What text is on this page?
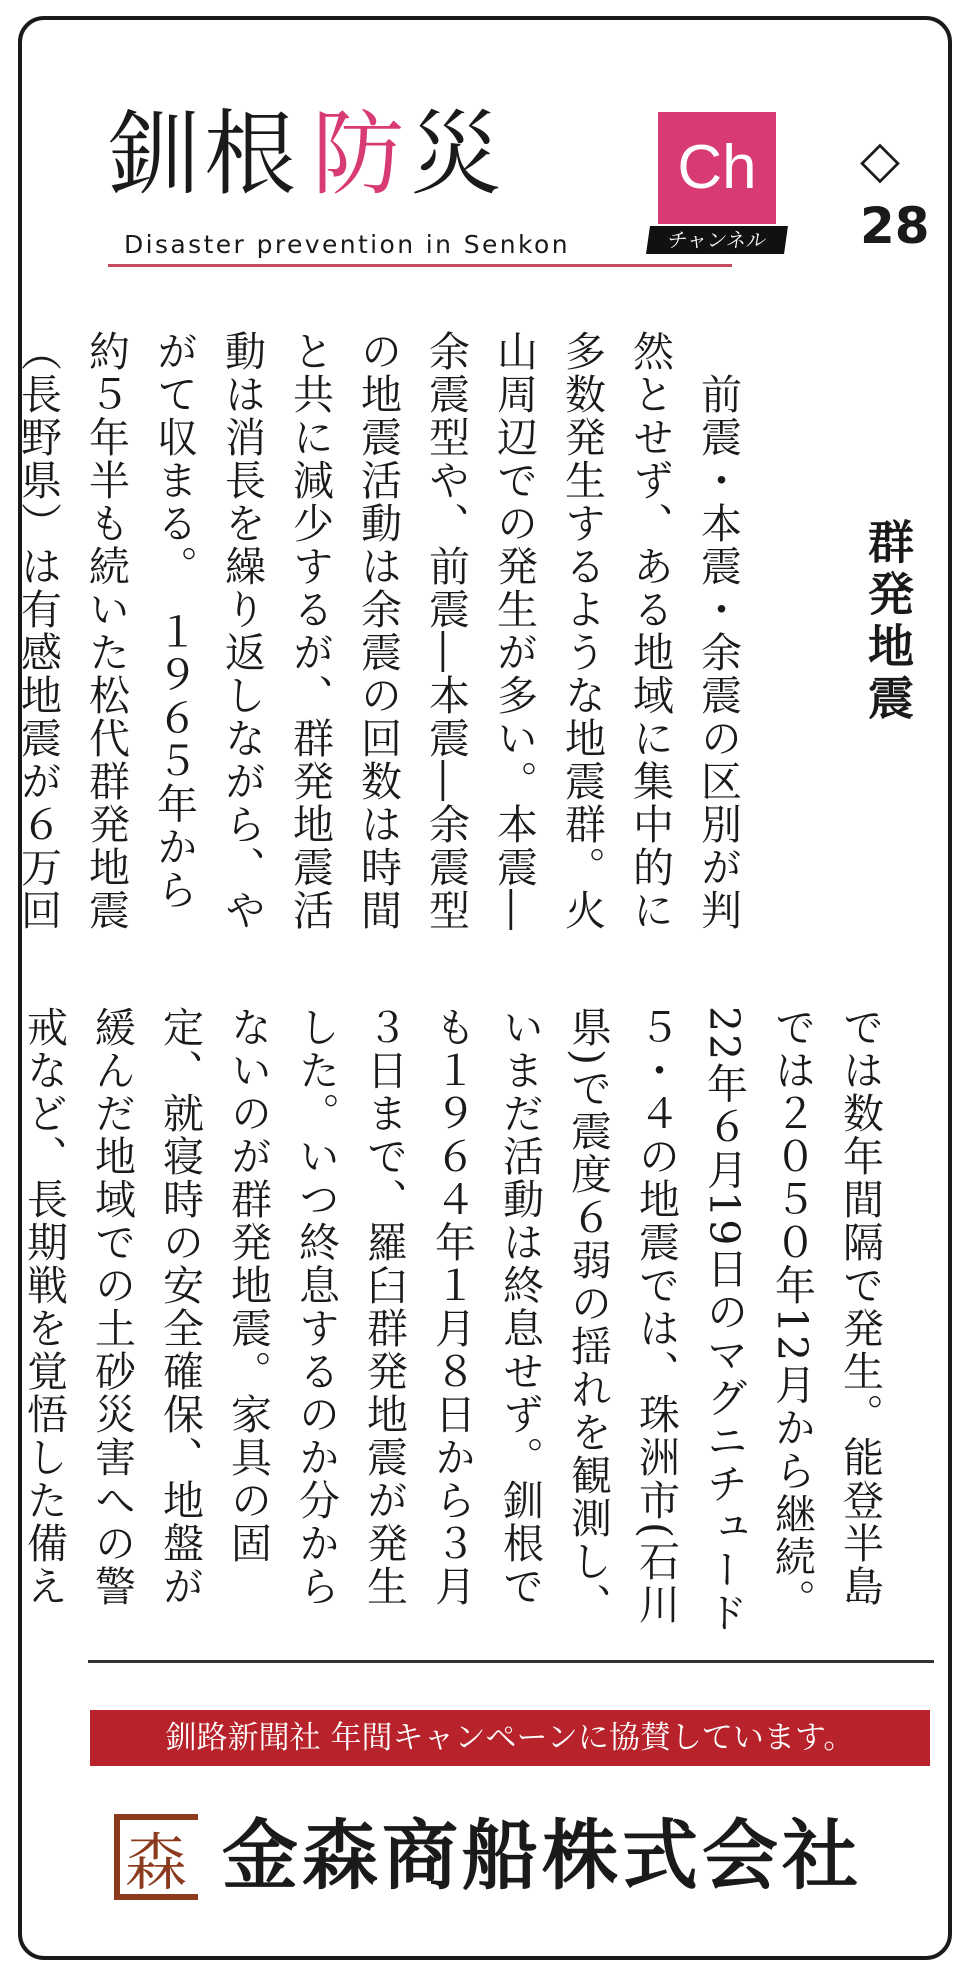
釧 根 防 災	Ch
チャンネル
Disaster prevention in Senkon
◇
28
群発地震
　前震・本震・余震の区別が判然とせず、ある地域に集中的に多数発生するような地震群。火山周辺での発生が多い。本震―余震型や、前震―本震―余震型の地震活動は余震の回数は時間と共に減少するが、群発地震活動は消長を繰り返しながら、やがて収まる。　１９６５年から約５年半も続いた松代群発地震（長野県）は有感地震が６万回
では数年間隔で発生。能登半島では２０５０年12月から継続。22年６月19日のマグニチュード５・４の地震では、珠洲市(石川県)で震度６弱の揺れを観測し、いまだ活動は終息せず。釧根でも１９６４年１月８日から３月３日まで、羅臼群発地震が発生した。いつ終息するのか分からないのが群発地震。家具の固定、就寝時の安全確保、地盤が緩んだ地域での土砂災害への警戒など、長期戦を覚悟した備え
釧路新聞社 年間キャンペーンに協賛しています。
森 金森商船株式会社
